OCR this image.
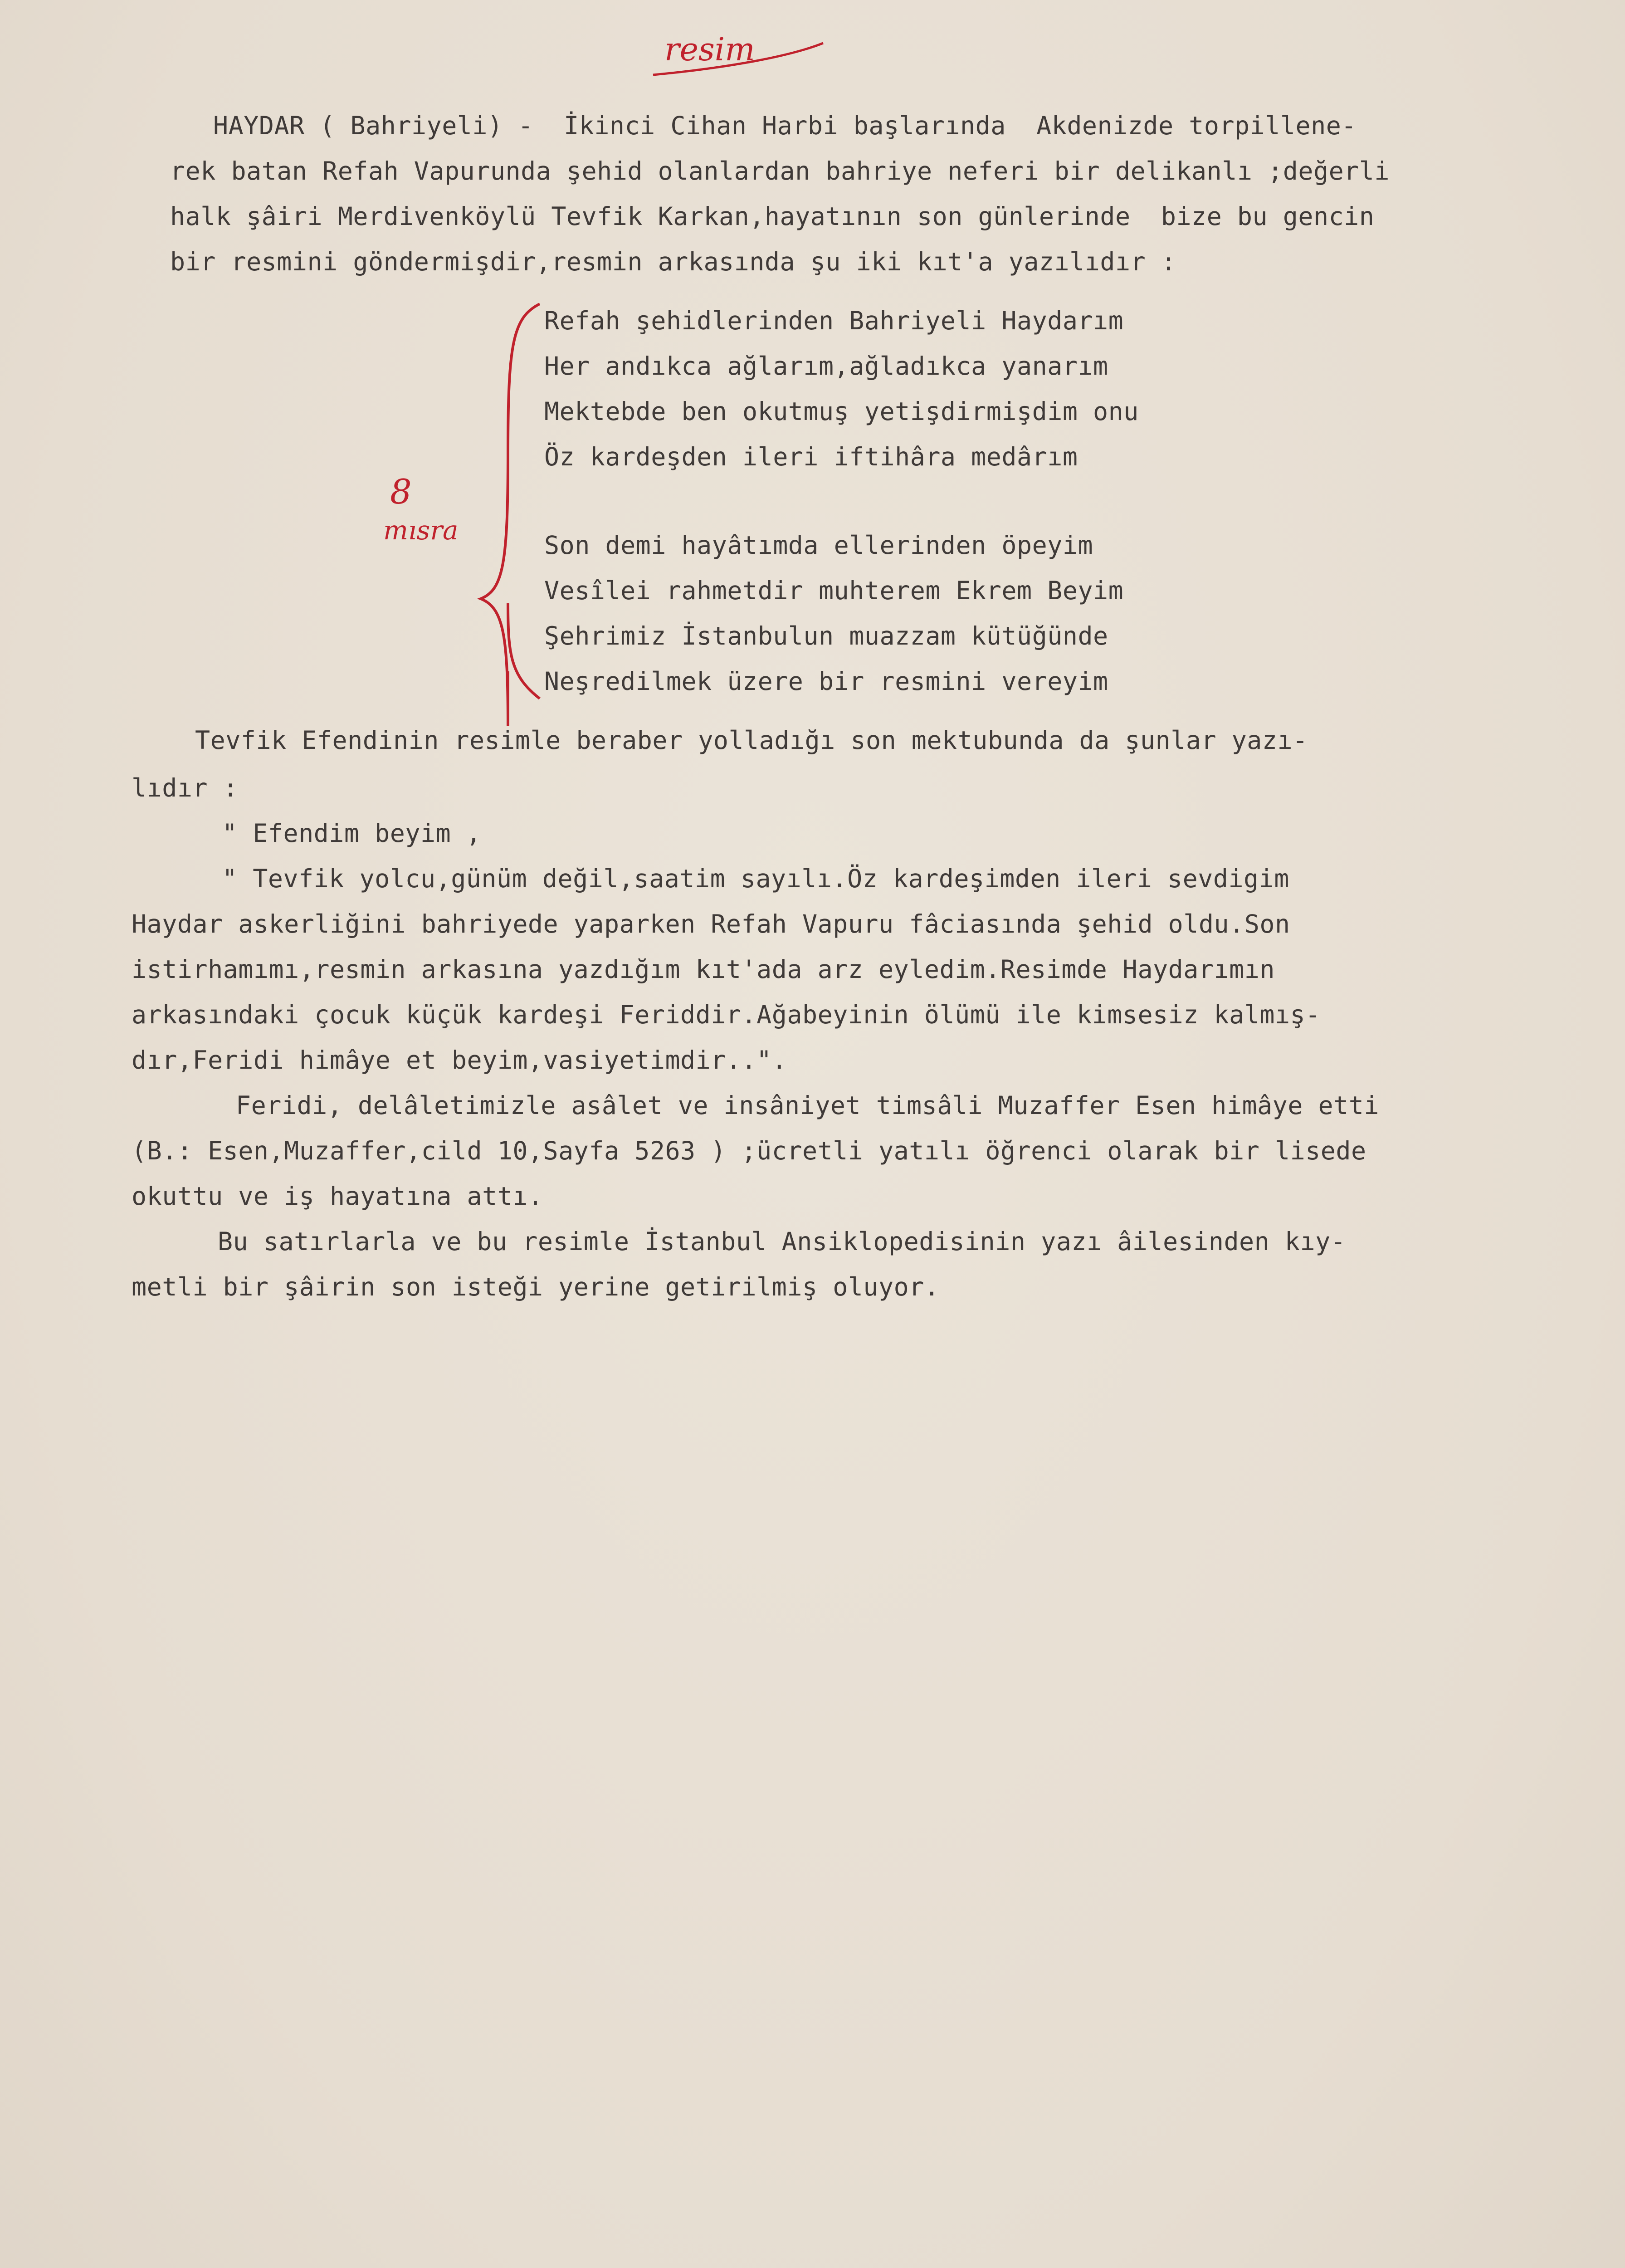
resim
8
mısra
HAYDAR ( Bahriyeli) -  İkinci Cihan Harbi başlarında  Akdenizde torpillene-
rek batan Refah Vapurunda şehid olanlardan bahriye neferi bir delikanlı ;değerli
halk şâiri Merdivenköylü Tevfik Karkan,hayatının son günlerinde  bize bu gencin
bir resmini göndermişdir,resmin arkasında şu iki kıt'a yazılıdır :
Refah şehidlerinden Bahriyeli Haydarım
Her andıkca ağlarım,ağladıkca yanarım
Mektebde ben okutmuş yetişdirmişdim onu
Öz kardeşden ileri iftihâra medârım
Son demi hayâtımda ellerinden öpeyim
Vesîlei rahmetdir muhterem Ekrem Beyim
Şehrimiz İstanbulun muazzam kütüğünde
Neşredilmek üzere bir resmini vereyim
Tevfik Efendinin resimle beraber yolladığı son mektubunda da şunlar yazı-
lıdır :
" Efendim beyim ,
" Tevfik yolcu,günüm değil,saatim sayılı.Öz kardeşimden ileri sevdigim
Haydar askerliğini bahriyede yaparken Refah Vapuru fâciasında şehid oldu.Son
istirhamımı,resmin arkasına yazdığım kıt'ada arz eyledim.Resimde Haydarımın
arkasındaki çocuk küçük kardeşi Feriddir.Ağabeyinin ölümü ile kimsesiz kalmış-
dır,Feridi himâye et beyim,vasiyetimdir..".
Feridi, delâletimizle asâlet ve insâniyet timsâli Muzaffer Esen himâye etti
(B.: Esen,Muzaffer,cild 10,Sayfa 5263 ) ;ücretli yatılı öğrenci olarak bir lisede
okuttu ve iş hayatına attı.
Bu satırlarla ve bu resimle İstanbul Ansiklopedisinin yazı âilesinden kıy-
metli bir şâirin son isteği yerine getirilmiş oluyor.
